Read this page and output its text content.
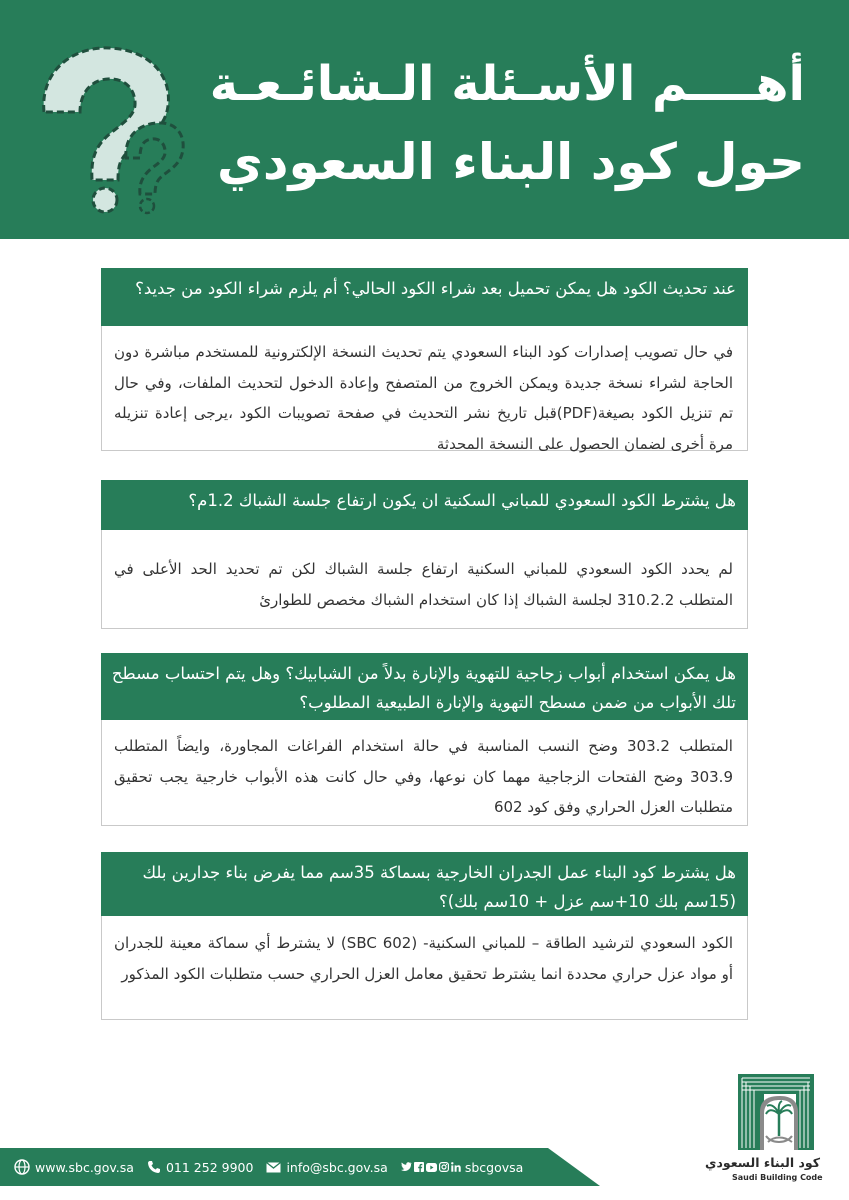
أهــــم الأسـئلة الـشائـعـة
حول كود البناء السعودي
عند تحديث الكود هل يمكن تحميل بعد شراء الكود الحالي؟ أم يلزم شراء الكود من جديد؟
في حال تصويب إصدارات كود البناء السعودي يتم تحديث النسخة الإلكترونية للمستخدم مباشرة دون الحاجة لشراء نسخة جديدة ويمكن الخروج من المتصفح وإعادة الدخول لتحديث الملفات، وفي حال تم تنزيل الكود بصيغة(PDF)قبل تاريخ نشر التحديث في صفحة تصويبات الكود ،يرجى إعادة تنزيله مرة أخرى لضمان الحصول على النسخة المحدثة
هل يشترط الكود السعودي للمباني السكنية ان يكون ارتفاع جلسة الشباك 1.2م؟
لم يحدد الكود السعودي للمباني السكنية ارتفاع جلسة الشباك لكن تم تحديد الحد الأعلى في المتطلب 310.2.2 لجلسة الشباك إذا كان استخدام الشباك مخصص للطوارئ
هل يمكن استخدام أبواب زجاجية للتهوية والإنارة بدلاً من الشبابيك؟ وهل يتم احتساب مسطح تلك الأبواب من ضمن مسطح التهوية والإنارة الطبيعية المطلوب؟
المتطلب 303.2 وضح النسب المناسبة في حالة استخدام الفراغات المجاورة، وايضاً المتطلب 303.9 وضح الفتحات الزجاجية مهما كان نوعها، وفي حال كانت هذه الأبواب خارجية يجب تحقيق متطلبات العزل الحراري وفق كود 602
هل يشترط كود البناء عمل الجدران الخارجية بسماكة 35سم مما يفرض بناء جدارين بلك (15سم بلك 10+سم عزل + 10سم بلك)؟
الكود السعودي لترشيد الطاقة – للمباني السكنية- (SBC 602) لا يشترط أي سماكة معينة للجدران أو مواد عزل حراري محددة انما يشترط تحقيق معامل العزل الحراري حسب متطلبات الكود المذكور
كود البناء السعودي
Saudi Building Code
www.sbc.gov.sa	011 252 9900	info@sbc.gov.sa	sbcgovsa
